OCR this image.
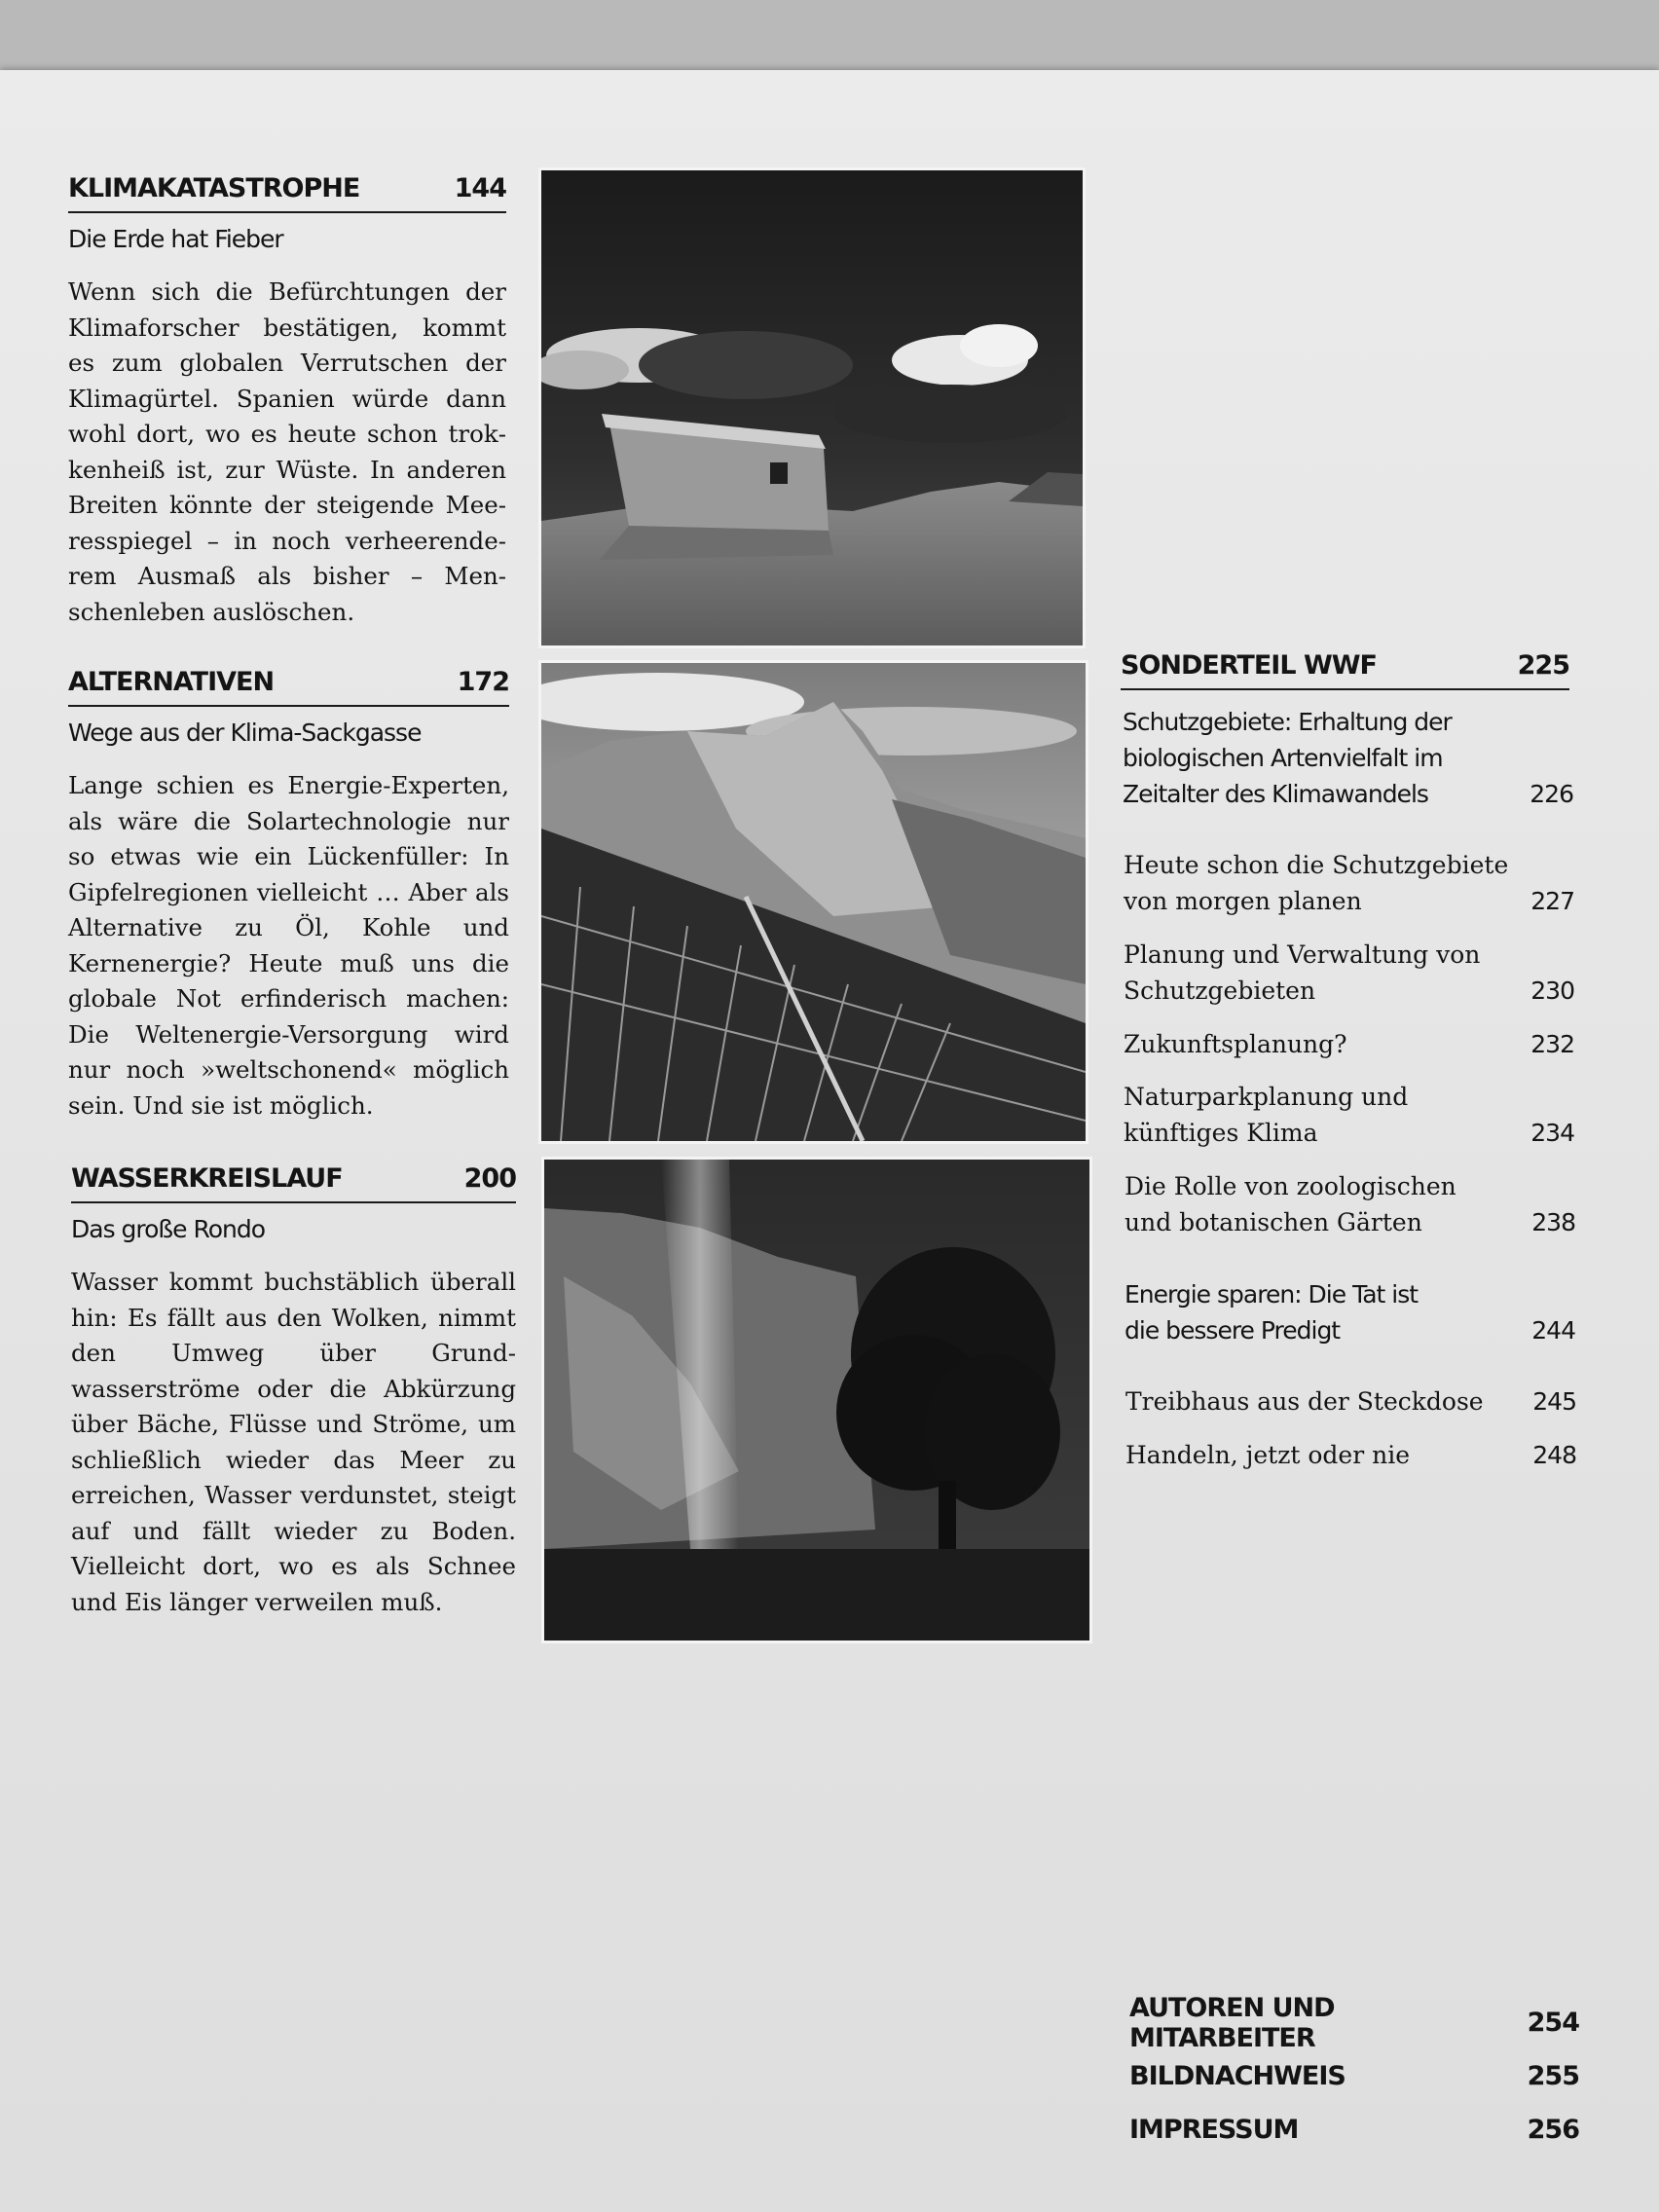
KLIMAKATASTROPHE	144
Die Erde hat Fieber
Wenn sich die Befürchtungen der Klimaforscher bestätigen, kommt es zum globalen Verrutschen der Klimagürtel. Spanien würde dann wohl dort, wo es heute schon trokkenheiß ist, zur Wüste. In anderen Breiten könnte der steigende Meeresspiegel – in noch verheerenderem Ausmaß als bisher – Menschenleben auslöschen.
ALTERNATIVEN	172
Wege aus der Klima-Sackgasse
Lange schien es Energie-Experten, als wäre die Solartechnologie nur so etwas wie ein Lückenfüller: In Gipfelregionen vielleicht … Aber als Alternative zu Öl, Kohle und Kernenergie? Heute muß uns die globale Not erfinderisch machen: Die Weltenergie-Versorgung wird nur noch »weltschonend« möglich sein. Und sie ist möglich.
WASSERKREISLAUF	200
Das große Rondo
Wasser kommt buchstäblich überall hin: Es fällt aus den Wolken, nimmt den Umweg über Grundwasserströme oder die Abkürzung über Bäche, Flüsse und Ströme, um schließlich wieder das Meer zu erreichen, Wasser verdunstet, steigt auf und fällt wieder zu Boden. Vielleicht dort, wo es als Schnee und Eis länger verweilen muß.
SONDERTEIL WWF	225
Schutzgebiete: Erhaltung der biologischen Artenvielfalt im Zeitalter des Klimawandels	226
Heute schon die Schutzgebiete von morgen planen	227
Planung und Verwaltung von Schutzgebieten	230
Zukunftsplanung?	232
Naturparkplanung und künftiges Klima	234
Die Rolle von zoologischen und botanischen Gärten	238
Energie sparen: Die Tat ist die bessere Predigt	244
Treibhaus aus der Steckdose 245
Handeln, jetzt oder nie	248
AUTOREN UND MITARBEITER	254
BILDNACHWEIS	255
IMPRESSUM	256
